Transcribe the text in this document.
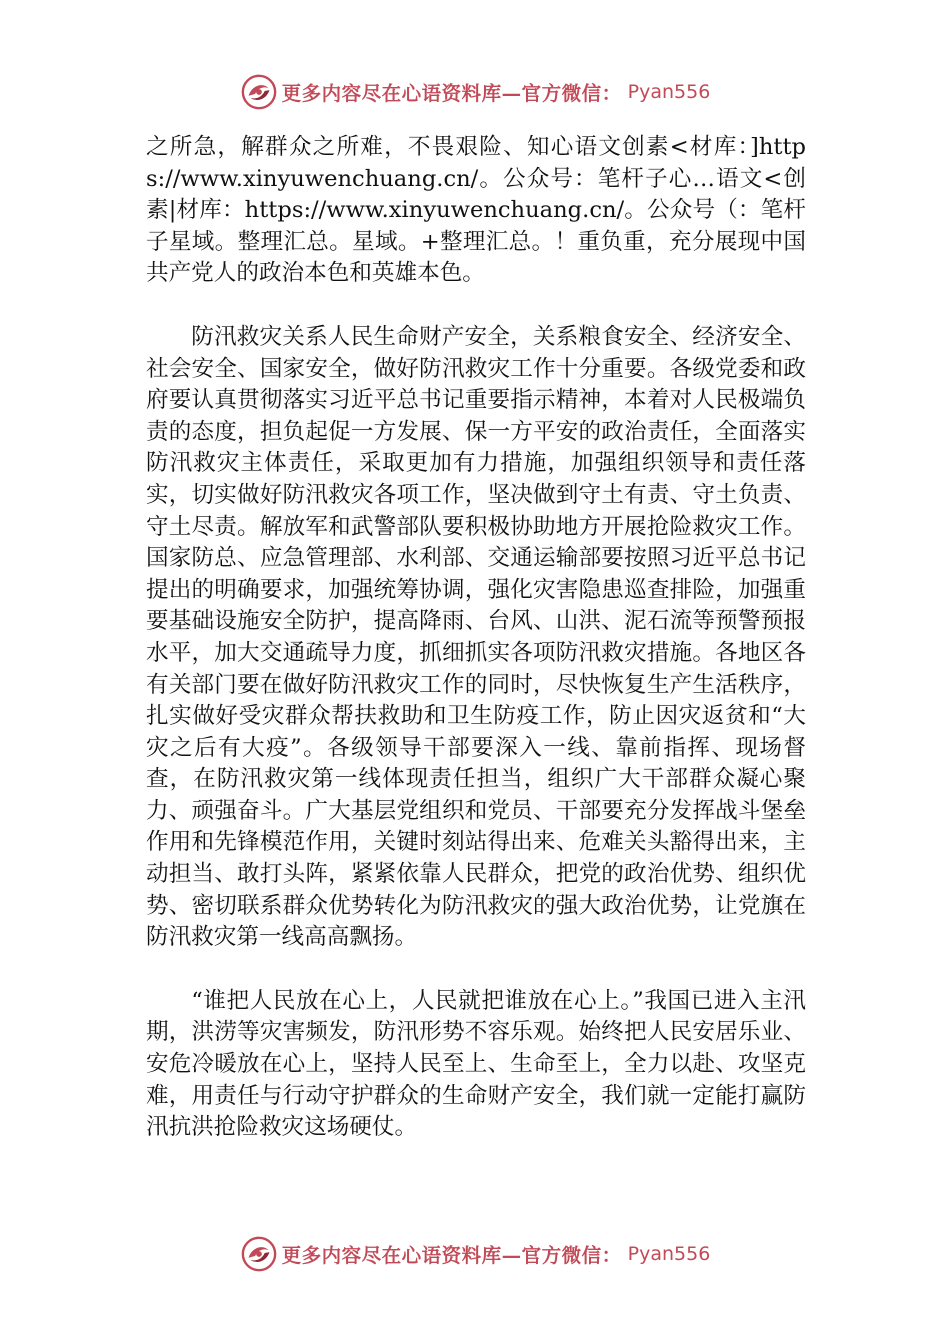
更多内容尽在心语资料库—官方微信： Pyan556

之所急，解群众之所难，不畏艰险、知心语文创素<材库：]https://www.xinyuwenchuang.cn/。公众号：笔杆子心…语文<创素|材库：https://www.xinyuwenchuang.cn/。公众号（：笔杆子星域。整理汇总。星域。+整理汇总。！重负重，充分展现中国共产党人的政治本色和英雄本色。

防汛救灾关系人民生命财产安全，关系粮食安全、经济安全、社会安全、国家安全，做好防汛救灾工作十分重要。各级党委和政府要认真贯彻落实习近平总书记重要指示精神，本着对人民极端负责的态度，担负起促一方发展、保一方平安的政治责任，全面落实防汛救灾主体责任，采取更加有力措施，加强组织领导和责任落实，切实做好防汛救灾各项工作，坚决做到守土有责、守土负责、守土尽责。解放军和武警部队要积极协助地方开展抢险救灾工作。国家防总、应急管理部、水利部、交通运输部要按照习近平总书记提出的明确要求，加强统筹协调，强化灾害隐患巡查排险，加强重要基础设施安全防护，提高降雨、台风、山洪、泥石流等预警预报水平，加大交通疏导力度，抓细抓实各项防汛救灾措施。各地区各有关部门要在做好防汛救灾工作的同时，尽快恢复生产生活秩序，扎实做好受灾群众帮扶救助和卫生防疫工作，防止因灾返贫和“大灾之后有大疫”。各级领导干部要深入一线、靠前指挥、现场督查，在防汛救灾第一线体现责任担当，组织广大干部群众凝心聚力、顽强奋斗。广大基层党组织和党员、干部要充分发挥战斗堡垒作用和先锋模范作用，关键时刻站得出来、危难关头豁得出来，主动担当、敢打头阵，紧紧依靠人民群众，把党的政治优势、组织优势、密切联系群众优势转化为防汛救灾的强大政治优势，让党旗在防汛救灾第一线高高飘扬。

“谁把人民放在心上，人民就把谁放在心上。”我国已进入主汛期，洪涝等灾害频发，防汛形势不容乐观。始终把人民安居乐业、安危冷暖放在心上，坚持人民至上、生命至上，全力以赴、攻坚克难，用责任与行动守护群众的生命财产安全，我们就一定能打赢防汛抗洪抢险救灾这场硬仗。

更多内容尽在心语资料库—官方微信： Pyan556
